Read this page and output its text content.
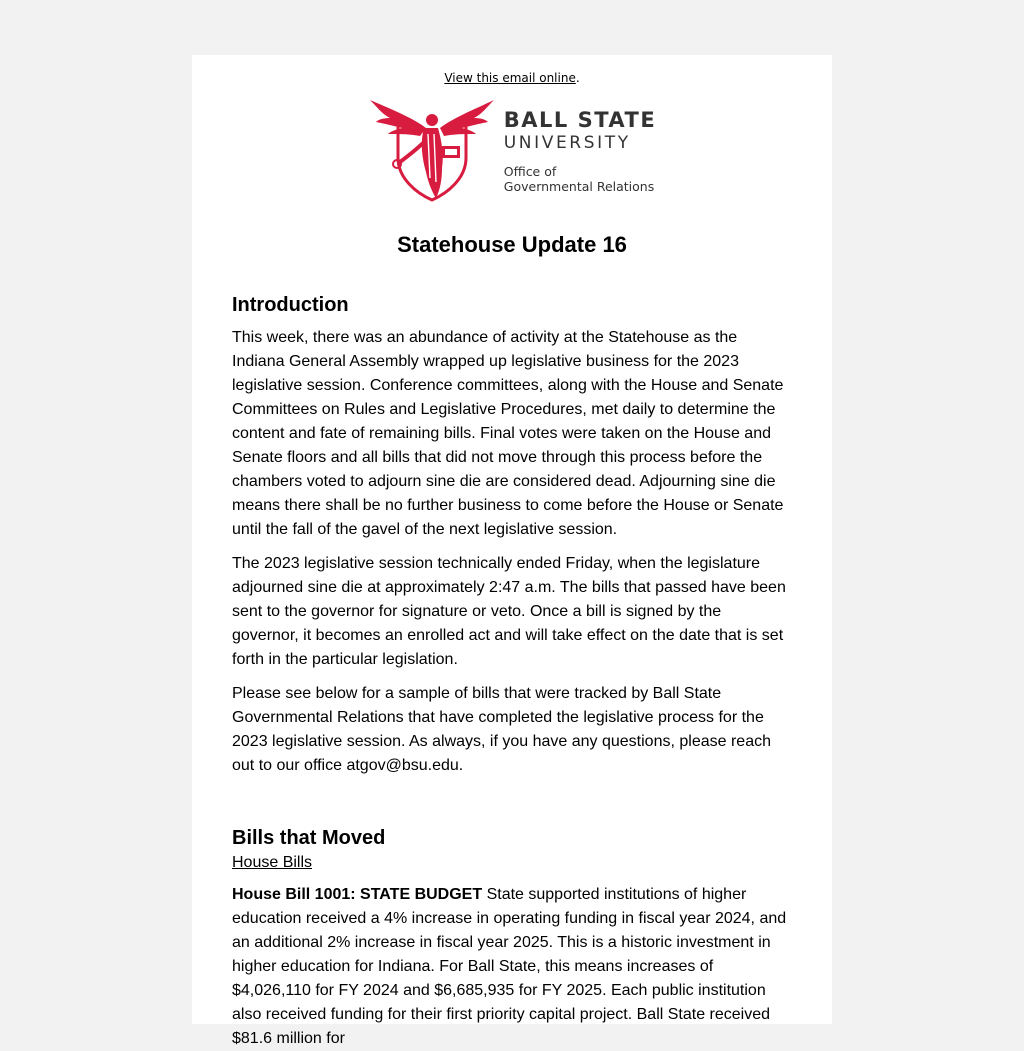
View this email online.
BALL STATE
UNIVERSITY
Office of
Governmental Relations
Statehouse Update 16
Introduction

This week, there was an abundance of activity at the Statehouse as the Indiana General Assembly wrapped up legislative business for the 2023 legislative session. Conference committees, along with the House and Senate Committees on Rules and Legislative Procedures, met daily to determine the content and fate of remaining bills. Final votes were taken on the House and Senate floors and all bills that did not move through this process before the chambers voted to adjourn sine die are considered dead. Adjourning sine die means there shall be no further business to come before the House or Senate until the fall of the gavel of the next legislative session.

The 2023 legislative session technically ended Friday, when the legislature adjourned sine die at approximately 2:47 a.m. The bills that passed have been sent to the governor for signature or veto. Once a bill is signed by the governor, it becomes an enrolled act and will take effect on the date that is set forth in the particular legislation.

Please see below for a sample of bills that were tracked by Ball State Governmental Relations that have completed the legislative process for the 2023 legislative session. As always, if you have any questions, please reach out to our office atgov@bsu.edu.

Bills that Moved
House Bills

House Bill 1001: STATE BUDGET State supported institutions of higher education received a 4% increase in operating funding in fiscal year 2024, and an additional 2% increase in fiscal year 2025. This is a historic investment in higher education for Indiana. For Ball State, this means increases of $4,026,110 for FY 2024 and $6,685,935 for FY 2025. Each public institution also received funding for their first priority capital project. Ball State received $81.6 million for
